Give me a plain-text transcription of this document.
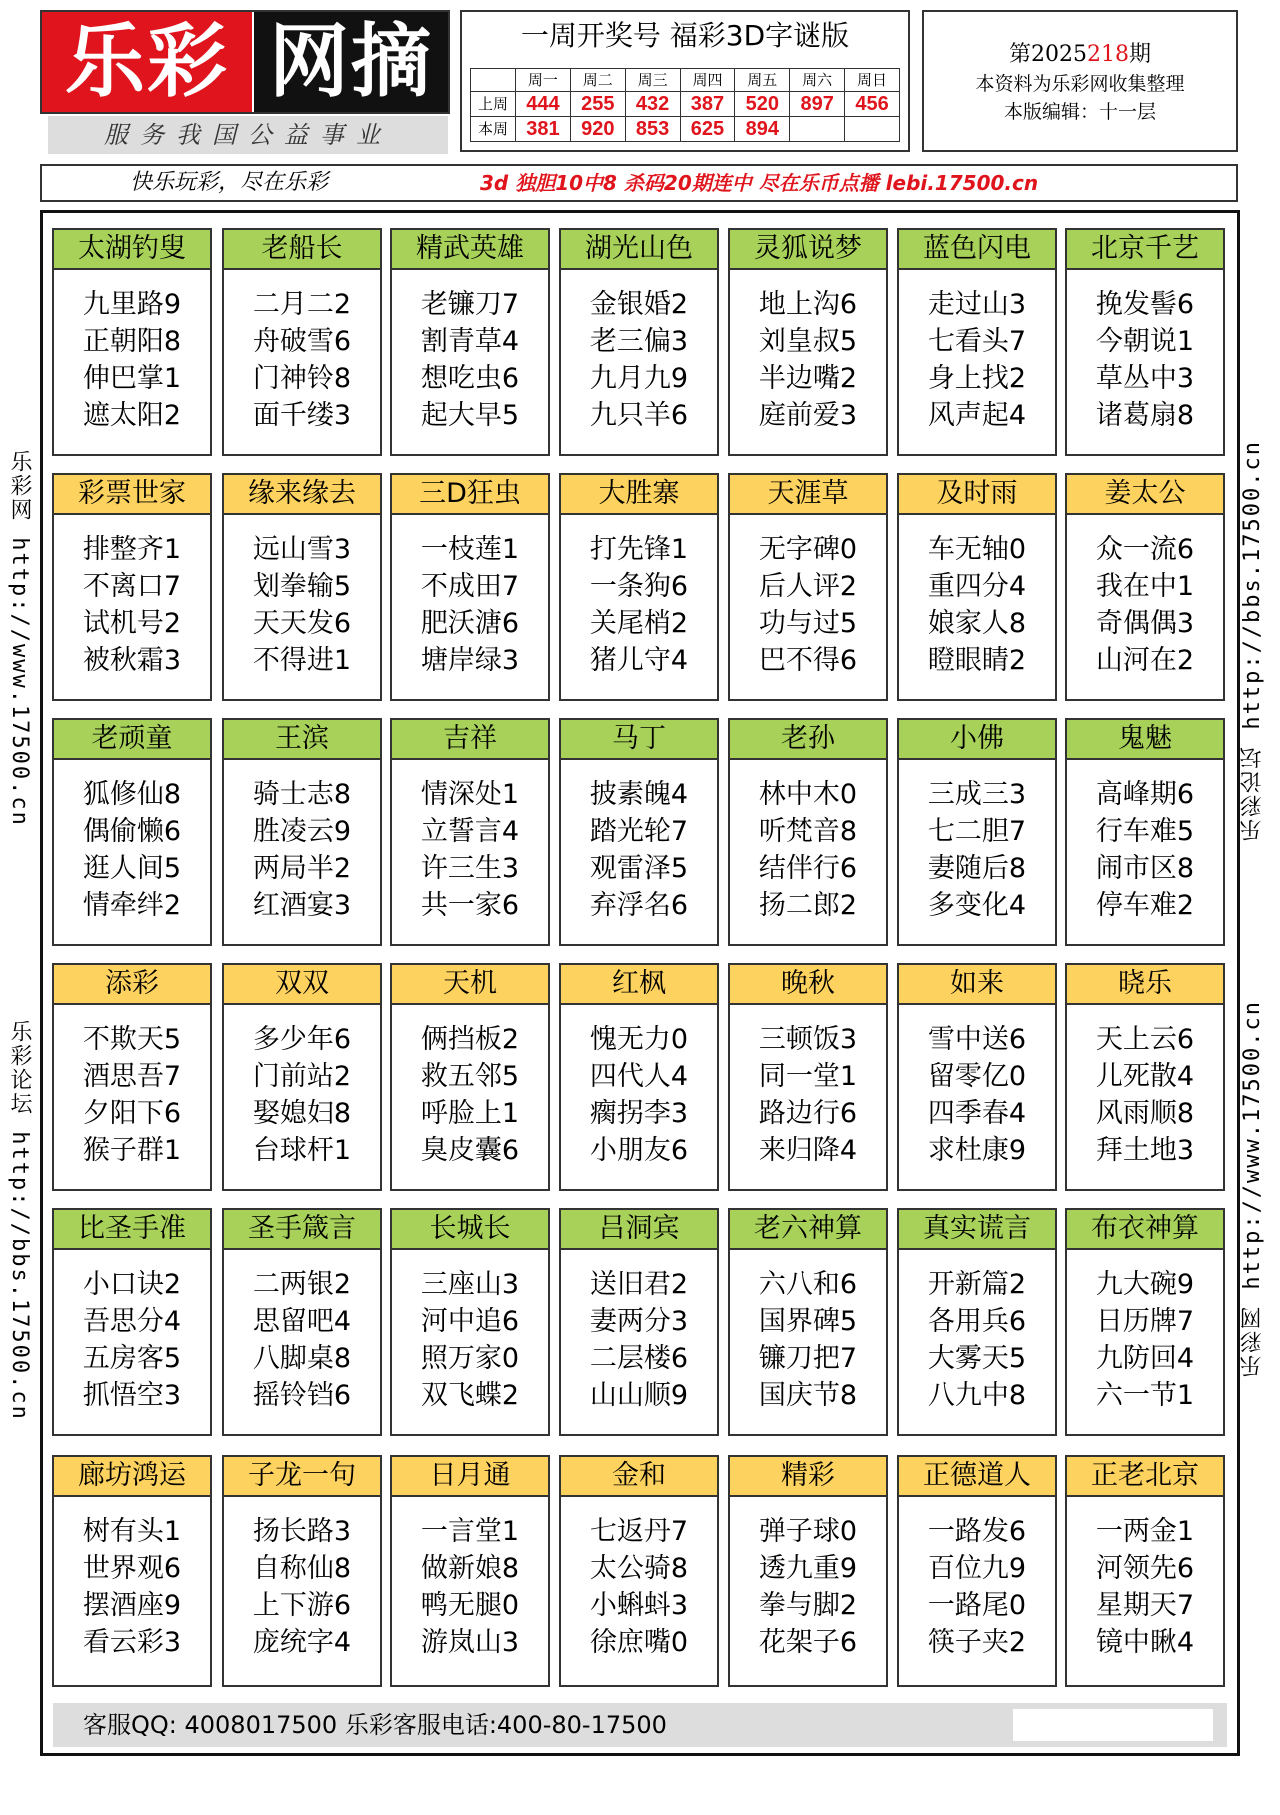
乐彩 网摘
服务我国公益事业
一周开奖号 福彩3D字谜版
	周一	周二	周三	周四	周五	周六	周日
上周	444	255	432	387	520	897	456
本周	381	920	853	625	894		
第2025218期
本资料为乐彩网收集整理
本版编辑：十一层
快乐玩彩，尽在乐彩	3d 独胆10中8 杀码20期连中 尽在乐币点播 lebi.17500.cn
乐彩网 http://www.17500.cn
乐彩论坛 http://bbs.17500.cn
乐彩论坛 http://bbs.17500.cn
乐彩网 http://www.17500.cn
太湖钓叟
九里路9
正朝阳8
伸巴掌1
遮太阳2
老船长
二月二2
舟破雪6
门神铃8
面千缕3
精武英雄
老镰刀7
割青草4
想吃虫6
起大早5
湖光山色
金银婚2
老三偏3
九月九9
九只羊6
灵狐说梦
地上沟6
刘皇叔5
半边嘴2
庭前爱3
蓝色闪电
走过山3
七看头7
身上找2
风声起4
北京千艺
挽发髻6
今朝说1
草丛中3
诸葛扇8
彩票世家
排整齐1
不离口7
试机号2
被秋霜3
缘来缘去
远山雪3
划拳输5
天天发6
不得进1
三D狂虫
一枝莲1
不成田7
肥沃溏6
塘岸绿3
大胜寨
打先锋1
一条狗6
关尾梢2
猪儿守4
天涯草
无字碑0
后人评2
功与过5
巴不得6
及时雨
车无轴0
重四分4
娘家人8
瞪眼睛2
姜太公
众一流6
我在中1
奇偶偶3
山河在2
老顽童
狐修仙8
偶偷懒6
逛人间5
情牵绊2
王滨
骑士志8
胜凌云9
两局半2
红酒宴3
吉祥
情深处1
立誓言4
许三生3
共一家6
马丁
披素魄4
踏光轮7
观雷泽5
弃浮名6
老孙
林中木0
听梵音8
结伴行6
扬二郎2
小佛
三成三3
七二胆7
妻随后8
多变化4
鬼魅
高峰期6
行车难5
闹市区8
停车难2
添彩
不欺天5
酒思吾7
夕阳下6
猴子群1
双双
多少年6
门前站2
娶媳妇8
台球杆1
天机
俩挡板2
救五邻5
呼脸上1
臭皮囊6
红枫
愧无力0
四代人4
瘸拐李3
小朋友6
晚秋
三顿饭3
同一堂1
路边行6
来归降4
如来
雪中送6
留零亿0
四季春4
求杜康9
晓乐
天上云6
儿死散4
风雨顺8
拜土地3
比圣手准
小口诀2
吾思分4
五房客5
抓悟空3
圣手箴言
二两银2
思留吧4
八脚桌8
摇铃铛6
长城长
三座山3
河中追6
照万家0
双飞蝶2
吕洞宾
送旧君2
妻两分3
二层楼6
山山顺9
老六神算
六八和6
国界碑5
镰刀把7
国庆节8
真实谎言
开新篇2
各用兵6
大雾天5
八九中8
布衣神算
九大碗9
日历牌7
九防回4
六一节1
廊坊鸿运
树有头1
世界观6
摆酒座9
看云彩3
子龙一句
扬长路3
自称仙8
上下游6
庞统字4
日月通
一言堂1
做新娘8
鸭无腿0
游岚山3
金和
七返丹7
太公骑8
小蝌蚪3
徐庶嘴0
精彩
弹子球0
透九重9
拳与脚2
花架子6
正德道人
一路发6
百位九9
一路尾0
筷子夹2
正老北京
一两金1
河领先6
星期天7
镜中瞅4
客服QQ: 4008017500 乐彩客服电话:400-80-17500
